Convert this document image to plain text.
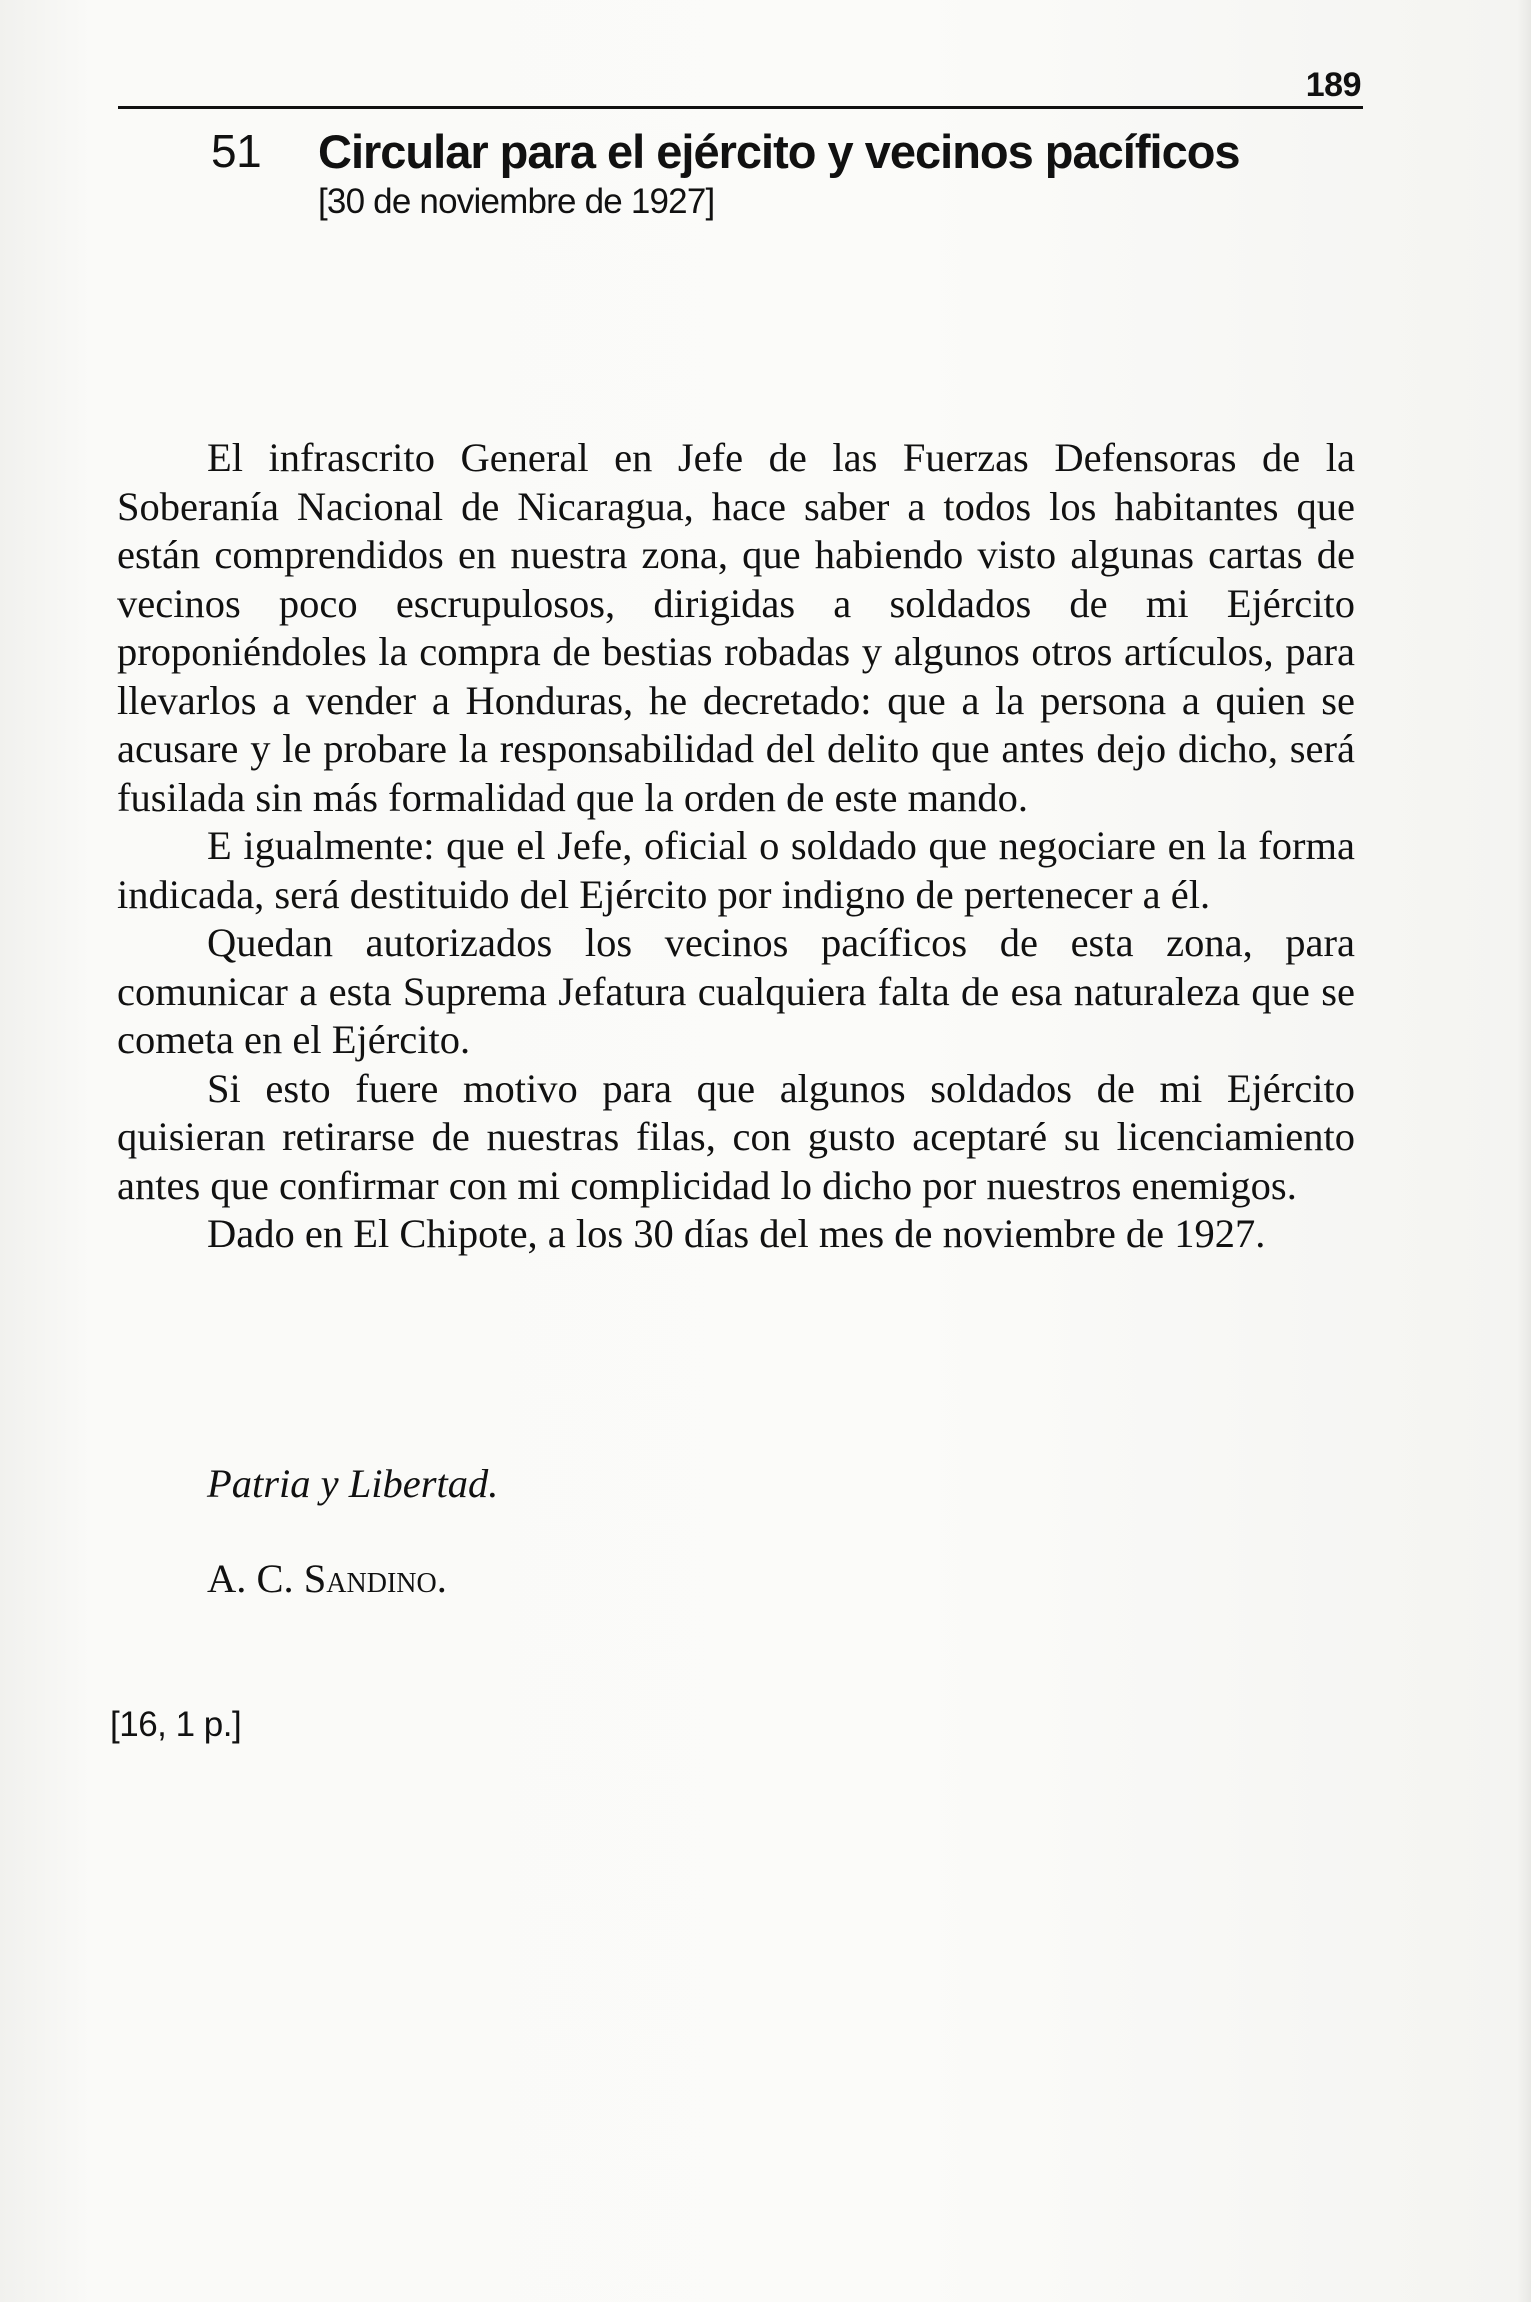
189
51 Circular para el ejército y vecinos pacíficos
[30 de noviembre de 1927]

El infrascrito General en Jefe de las Fuerzas Defensoras de la Soberanía Nacional de Nicaragua, hace saber a todos los habitantes que están comprendidos en nuestra zona, que habiendo visto algunas cartas de vecinos poco escrupulosos, dirigidas a soldados de mi Ejército proponiéndoles la compra de bestias robadas y algunos otros artículos, para llevarlos a vender a Honduras, he decretado: que a la persona a quien se acusare y le probare la responsabilidad del delito que antes dejo dicho, será fusilada sin más formalidad que la orden de este mando.

E igualmente: que el Jefe, oficial o soldado que negociare en la forma indicada, será destituido del Ejército por indigno de pertenecer a él.

Quedan autorizados los vecinos pacíficos de esta zona, para comunicar a esta Suprema Jefatura cualquiera falta de esa naturaleza que se cometa en el Ejército.

Si esto fuere motivo para que algunos soldados de mi Ejército quisieran retirarse de nuestras filas, con gusto aceptaré su licenciamiento antes que confirmar con mi complicidad lo dicho por nuestros enemigos.

Dado en El Chipote, a los 30 días del mes de noviembre de 1927.

Patria y Libertad.
A. C. Sandino.
[16, 1 p.]
